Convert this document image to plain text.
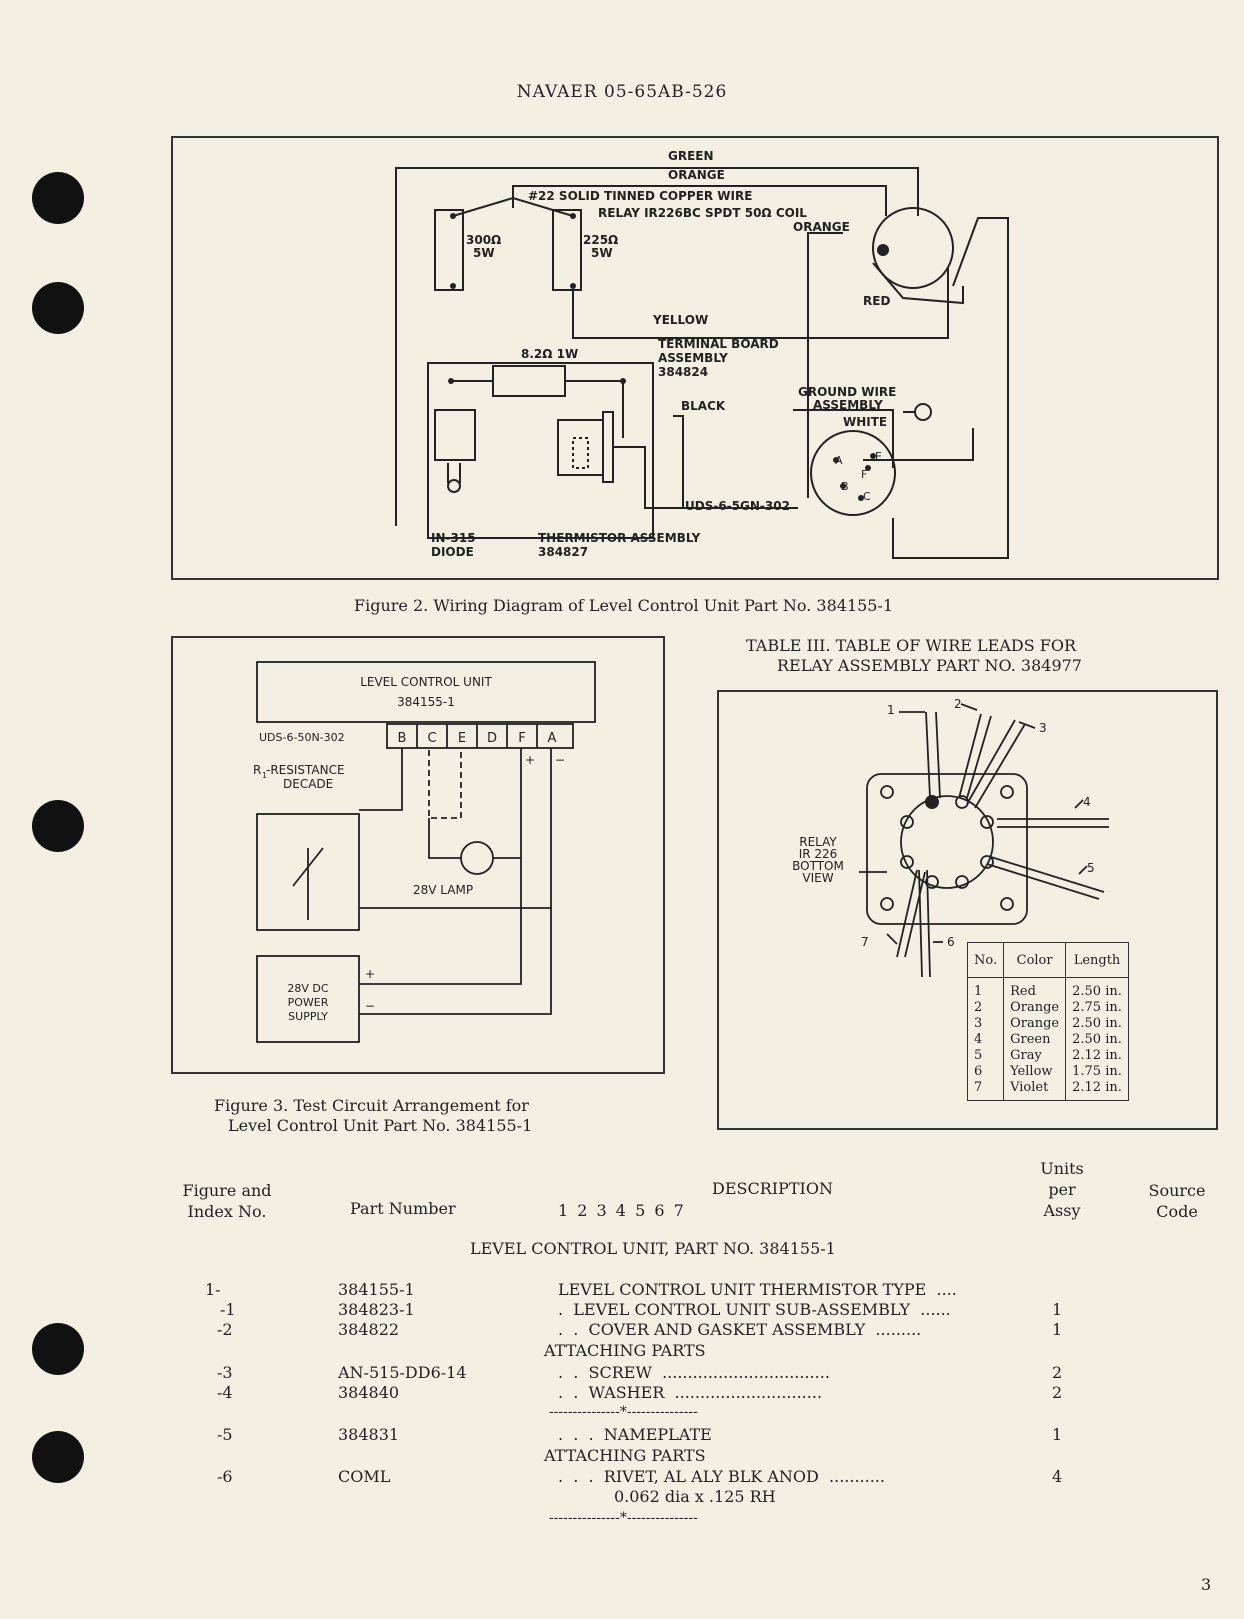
NAVAER 05-65AB-526
GREEN
ORANGE
#22 SOLID TINNED COPPER WIRE
RELAY IR226BC SPDT 50Ω COIL
ORANGE
300Ω
5W
225Ω
5W
RED
YELLOW
8.2Ω 1W
TERMINAL BOARD
ASSEMBLY
384824
BLACK
GROUND WIRE
ASSEMBLY
WHITE
A	E
F
B
C
UDS-6-5GN-302
IN-315
DIODE
THERMISTOR ASSEMBLY
384827
Figure 2. Wiring Diagram of Level Control Unit Part No. 384155-1
LEVEL CONTROL UNIT
384155-1
UDS-6-50N-302	B C E D F A
+ −
R 1
-RESISTANCE
DECADE
28V LAMP
28V DC
POWER
SUPPLY
+
−
Figure 3. Test Circuit Arrangement for
Level Control Unit Part No. 384155-1
TABLE III. TABLE OF WIRE LEADS FOR
RELAY ASSEMBLY PART NO. 384977
1	2
3
4
5
6
7
RELAY
IR 226
BOTTOM
VIEW
No.	Color	Length
1	Red	2.50 in.
2	Orange	2.75 in.
3	Orange	2.50 in.
4	Green	2.50 in.
5	Gray	2.12 in.
6	Yellow	1.75 in.
7	Violet	2.12 in.
Figure and
Index No.	Part Number
DESCRIPTION
1 2 3 4 5 6 7
Units
per
Assy
Source
Code
LEVEL CONTROL UNIT, PART NO. 384155-1
1-	384155-1	LEVEL CONTROL UNIT THERMISTOR TYPE  ....
-1	384823-1	.  LEVEL CONTROL UNIT SUB-ASSEMBLY  ......	1
-2	384822	.  .  COVER AND GASKET ASSEMBLY  .........	1
ATTACHING PARTS
-3	AN-515-DD6-14	.  .  SCREW  .................................	2
-4	384840	.  .  WASHER  .............................	2
---------------*---------------
-5	384831	.  .  .  NAMEPLATE	1
ATTACHING PARTS
-6	COML	.  .  .  RIVET, AL ALY BLK ANOD  ...........	4
0.062 dia x .125 RH
---------------*---------------
3
